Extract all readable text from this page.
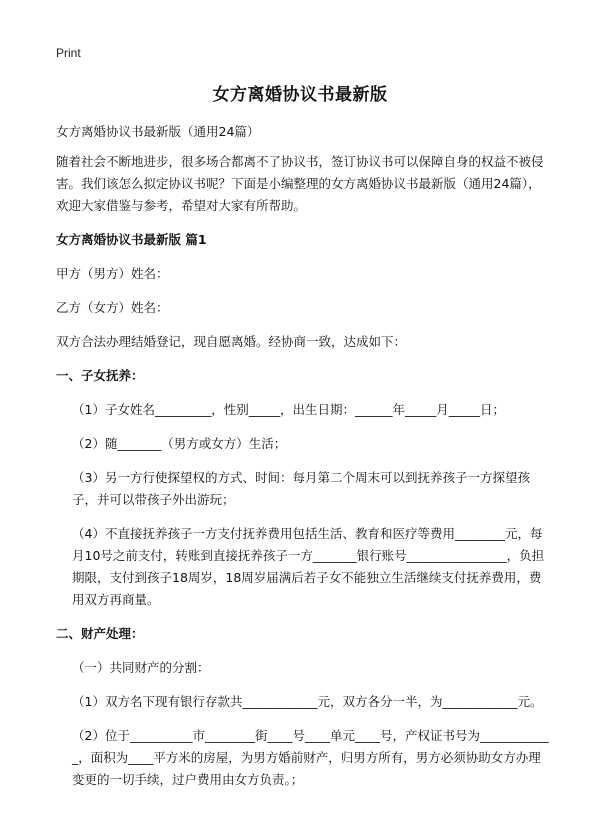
Print
女方离婚协议书最新版

女方离婚协议书最新版（通用24篇）

随着社会不断地进步，很多场合都离不了协议书，签订协议书可以保障自身的权益不被侵害。我们该怎么拟定协议书呢？下面是小编整理的女方离婚协议书最新版（通用24篇），欢迎大家借鉴与参考，希望对大家有所帮助。

女方离婚协议书最新版 篇1

甲方（男方）姓名：

乙方（女方）姓名：

双方合法办理结婚登记，现自愿离婚。经协商一致，达成如下：

一、子女抚养：

（1）子女姓名_________，性别_____，出生日期：______年_____月_____日；

（2）随_______（男方或女方）生活；

（3）另一方行使探望权的方式、时间：每月第二个周末可以到抚养孩子一方探望孩子，并可以带孩子外出游玩；

（4）不直接抚养孩子一方支付抚养费用包括生活、教育和医疗等费用________元，每月10号之前支付，转账到直接抚养孩子一方_______银行账号________________，负担期限，支付到孩子18周岁，18周岁届满后若子女不能独立生活继续支付抚养费用，费用双方再商量。

二、财产处理：

（一）共同财产的分割：

（1）双方名下现有银行存款共____________元，双方各分一半，为____________元。

（2）位于__________市________街____号____单元____号，产权证书号为____________，面积为____平方米的房屋，为男方婚前财产，归男方所有，男方必须协助女方办理变更的一切手续，过户费用由女方负责。；
